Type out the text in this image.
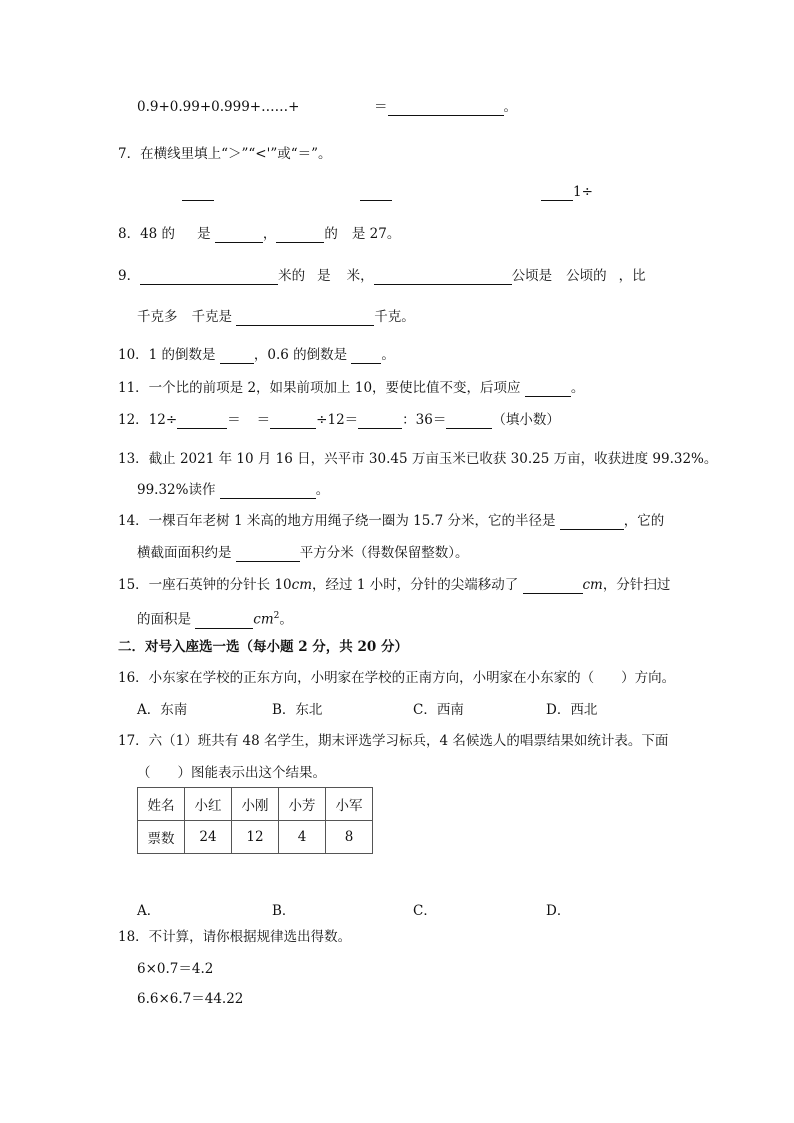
0.9+0.99+0.999+……+	＝	。
7．在横线里填上“＞”“<'”或“＝”。
1÷
8．48 的 是	，	的 是 27。
9．	米的 是 米，	公顷是 公顷的 ，比
千克多 千克是	千克。
10．1 的倒数是	，0.6 的倒数是	。
11．一个比的前项是 2，如果前项加上 10，要使比值不变，后项应	。
12．12÷	＝ ＝	÷12＝	：36＝	（填小数）
13．截止 2021 年 10 月 16 日，兴平市 30.45 万亩玉米已收获 30.25 万亩，收获进度 99.32%。
99.32%读作	。
14．一棵百年老树 1 米高的地方用绳子绕一圈为 15.7 分米，它的半径是	，它的
横截面面积约是	平方分米（得数保留整数）。
15．一座石英钟的分针长 10cm，经过 1 小时，分针的尖端移动了	cm，分针扫过
的面积是	$cm^2$。
二．对号入座选一选（每小题 2 分，共 20 分）
16．小东家在学校的正东方向，小明家在学校的正南方向，小明家在小东家的（　　）方向。
A．东南	B．东北	C．西南	D．西北
17．六（1）班共有 48 名学生，期末评选学习标兵，4 名候选人的唱票结果如统计表。下面
（　　）图能表示出这个结果。
姓名	小红	小刚	小芳	小军
票数	24	12	4	8
A．	B．	C．	D．
18．不计算，请你根据规律选出得数。
6×0.7＝4.2
6.6×6.7＝44.22
